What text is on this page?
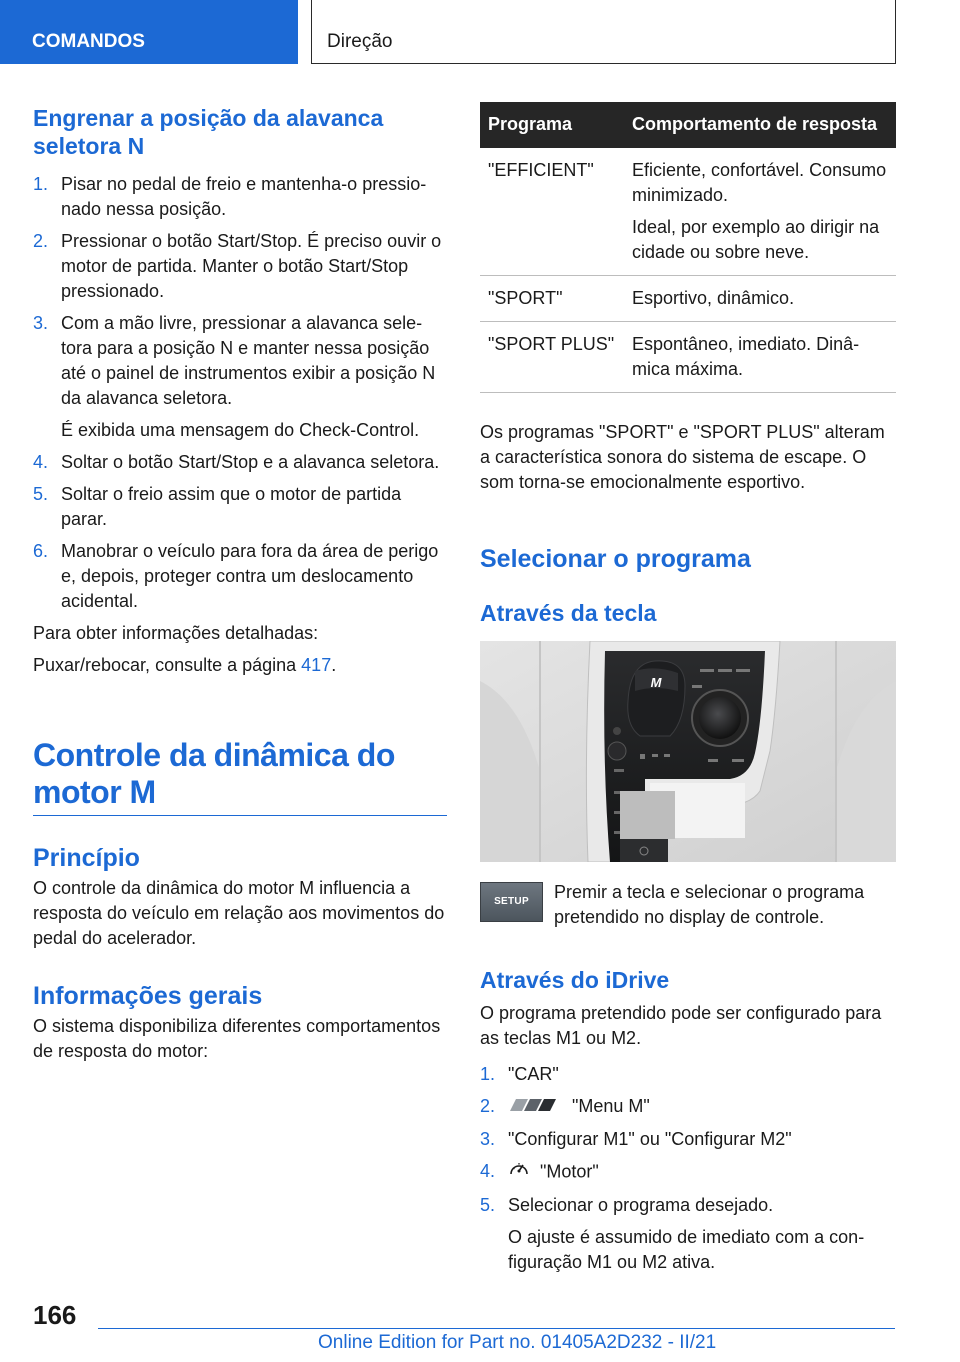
COMANDOS	Direção
Engrenar a posição da alavanca seletora N
1. Pisar no pedal de freio e mantenha-o pressionado nessa posição.
2. Pressionar o botão Start/Stop. É preciso ouvir o motor de partida. Manter o botão Start/Stop pressionado.
3. Com a mão livre, pressionar a alavanca seletora para a posição N e manter nessa posição até o painel de instrumentos exibir a posição N da alavanca seletora.
É exibida uma mensagem do Check-Control.
4. Soltar o botão Start/Stop e a alavanca seletora.
5. Soltar o freio assim que o motor de partida parar.
6. Manobrar o veículo para fora da área de perigo e, depois, proteger contra um deslocamento acidental.

Para obter informações detalhadas:

Puxar/rebocar, consulte a página 417.

Controle da dinâmica do motor M
Princípio

O controle da dinâmica do motor M influencia a resposta do veículo em relação aos movimentos do pedal do acelerador.

Informações gerais

O sistema disponibiliza diferentes comportamentos de resposta do motor:

Programa	Comportamento de resposta
"EFFICIENT"	Eficiente, confortável. Consumo minimizado.

Ideal, por exemplo ao dirigir na cidade ou sobre neve.

"SPORT"	Esportivo, dinâmico.
"SPORT PLUS"	Espontâneo, imediato. Dinâmica máxima.
Os programas "SPORT" e "SPORT PLUS" alteram a característica sonora do sistema de escape. O som torna-se emocionalmente esportivo.
Selecionar o programa
Através da tecla
M
SETUP	Premir a tecla e selecionar o programa pretendido no display de controle.
Através do iDrive

O programa pretendido pode ser configurado para as teclas M1 ou M2.

1. "CAR"
2.	"Menu M"
3. "Configurar M1" ou "Configurar M2"
4.	"Motor"
5. Selecionar o programa desejado.
O ajuste é assumido de imediato com a configuração M1 ou M2 ativa.
166
Online Edition for Part no. 01405A2D232 - II/21
